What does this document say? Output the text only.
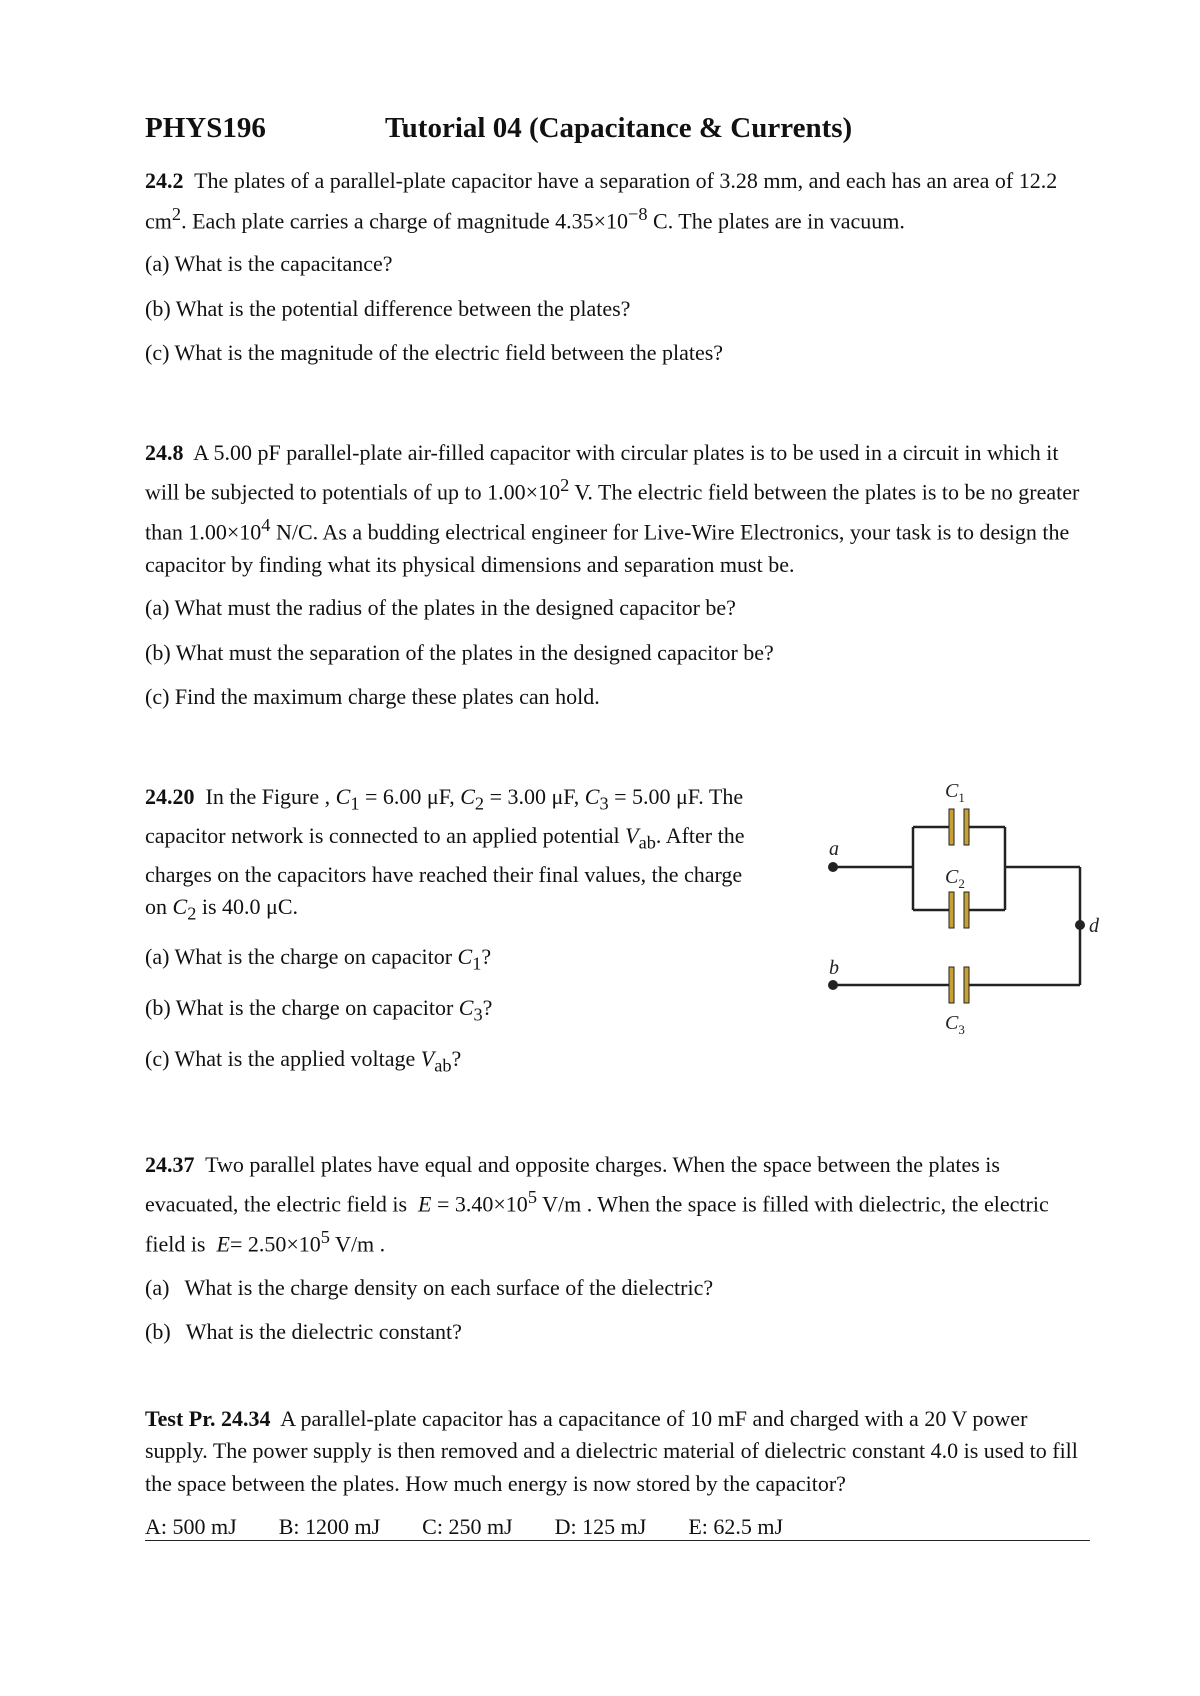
PHYS196	Tutorial 04 (Capacitance & Currents)

24.2 The plates of a parallel-plate capacitor have a separation of 3.28 mm, and each has an area of 12.2 $cm^2$. Each plate carries a charge of magnitude $4.35\times 10^{-8}$ C. The plates are in vacuum.

(a) What is the capacitance?

(b) What is the potential difference between the plates?

(c) What is the magnitude of the electric field between the plates?

24.8 A 5.00 pF parallel-plate air-filled capacitor with circular plates is to be used in a circuit in which it will be subjected to potentials of up to $1.00\times 10^2$ V. The electric field between the plates is to be no greater than $1.00\times 10^4$ N/C. As a budding electrical engineer for Live-Wire Electronics, your task is to design the capacitor by finding what its physical dimensions and separation must be.

(a) What must the radius of the plates in the designed capacitor be?

(b) What must the separation of the plates in the designed capacitor be?

(c) Find the maximum charge these plates can hold.

24.20 In the Figure , $C_1 = 6.00$ μF, $C_2 = 3.00$ μF, $C_3 = 5.00$ μF. The capacitor network is connected to an applied potential $V_{ab}$. After the charges on the capacitors have reached their final values, the charge on $C_2$ is 40.0 μC.

(a) What is the charge on capacitor $C_1$?

(b) What is the charge on capacitor $C_3$?

(c) What is the applied voltage $V_{ab}$?

$C_1$
$C_2$
$C_3$
a
b
d

24.37 Two parallel plates have equal and opposite charges. When the space between the plates is evacuated, the electric field is $E = 3.40\times 10^5$ V/m . When the space is filled with dielectric, the electric field is $E= 2.50\times 10^5$ V/m .

(a) What is the charge density on each surface of the dielectric?

(b) What is the dielectric constant?

Test Pr. 24.34 A parallel-plate capacitor has a capacitance of 10 mF and charged with a 20 V power supply. The power supply is then removed and a dielectric material of dielectric constant 4.0 is used to fill the space between the plates. How much energy is now stored by the capacitor?

A: 500 mJ B: 1200 mJ C: 250 mJ D: 125 mJ E: 62.5 mJ
